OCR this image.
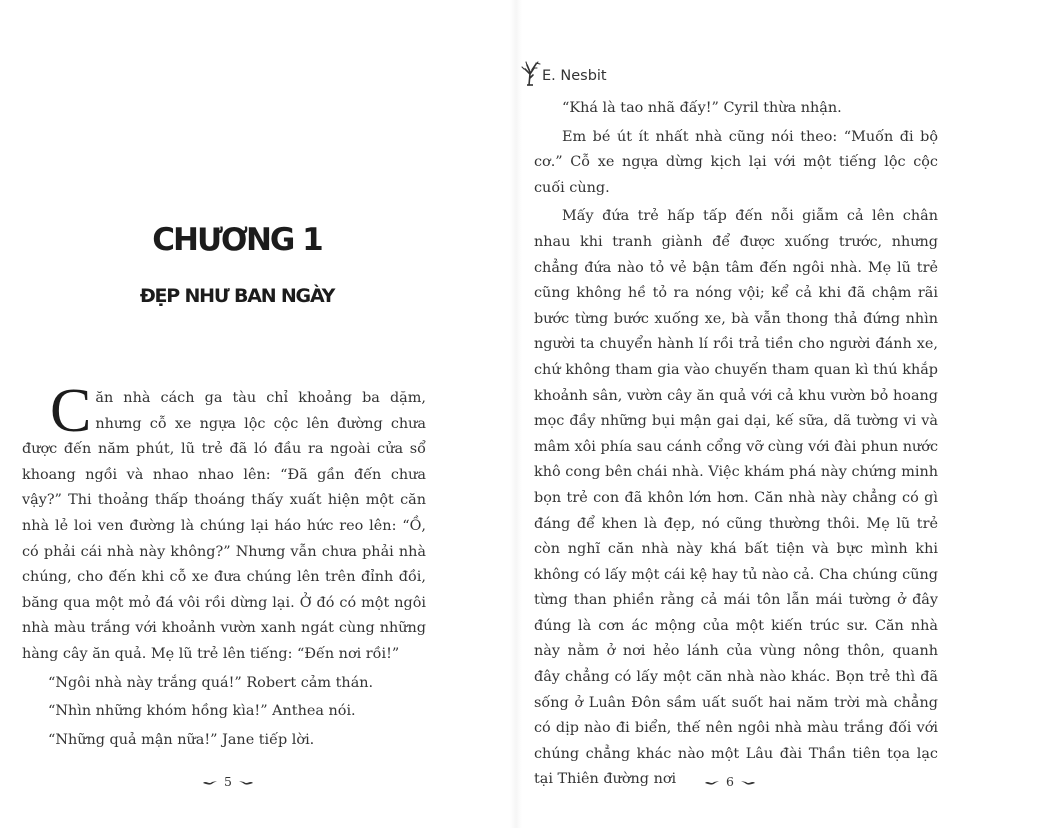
CHƯƠNG 1
ĐẸP NHƯ BAN NGÀY

Căn nhà cách ga tàu chỉ khoảng ba dặm, nhưng cỗ xe ngựa lộc cộc lên đường chưa được đến năm phút, lũ trẻ đã ló đầu ra ngoài cửa sổ khoang ngồi và nhao nhao lên: “Đã gần đến chưa vậy?” Thi thoảng thấp thoáng thấy xuất hiện một căn nhà lẻ loi ven đường là chúng lại háo hức reo lên: “Ồ, có phải cái nhà này không?” Nhưng vẫn chưa phải nhà chúng, cho đến khi cỗ xe đưa chúng lên trên đỉnh đồi, băng qua một mỏ đá vôi rồi dừng lại. Ở đó có một ngôi nhà màu trắng với khoảnh vườn xanh ngát cùng những hàng cây ăn quả. Mẹ lũ trẻ lên tiếng: “Đến nơi rồi!”

“Ngôi nhà này trắng quá!” Robert cảm thán.

“Nhìn những khóm hồng kìa!” Anthea nói.

“Những quả mận nữa!” Jane tiếp lời.

5
E. Nesbit

“Khá là tao nhã đấy!” Cyril thừa nhận.

Em bé út ít nhất nhà cũng nói theo: “Muốn đi bộ cơ.” Cỗ xe ngựa dừng kịch lại với một tiếng lộc cộc cuối cùng.

Mấy đứa trẻ hấp tấp đến nỗi giẫm cả lên chân nhau khi tranh giành để được xuống trước, nhưng chẳng đứa nào tỏ vẻ bận tâm đến ngôi nhà. Mẹ lũ trẻ cũng không hề tỏ ra nóng vội; kể cả khi đã chậm rãi bước từng bước xuống xe, bà vẫn thong thả đứng nhìn người ta chuyển hành lí rồi trả tiền cho người đánh xe, chứ không tham gia vào chuyến tham quan kì thú khắp khoảnh sân, vườn cây ăn quả với cả khu vườn bỏ hoang mọc đầy những bụi mận gai dại, kế sữa, dã tường vi và mâm xôi phía sau cánh cổng vỡ cùng với đài phun nước khô cong bên chái nhà. Việc khám phá này chứng minh bọn trẻ con đã khôn lớn hơn. Căn nhà này chẳng có gì đáng để khen là đẹp, nó cũng thường thôi. Mẹ lũ trẻ còn nghĩ căn nhà này khá bất tiện và bực mình khi không có lấy một cái kệ hay tủ nào cả. Cha chúng cũng từng than phiền rằng cả mái tôn lẫn mái tường ở đây đúng là cơn ác mộng của một kiến trúc sư. Căn nhà này nằm ở nơi hẻo lánh của vùng nông thôn, quanh đây chẳng có lấy một căn nhà nào khác. Bọn trẻ thì đã sống ở Luân Đôn sầm uất suốt hai năm trời mà chẳng có dịp nào đi biển, thế nên ngôi nhà màu trắng đối với chúng chẳng khác nào một Lâu đài Thần tiên tọa lạc tại Thiên đường nơi	6
